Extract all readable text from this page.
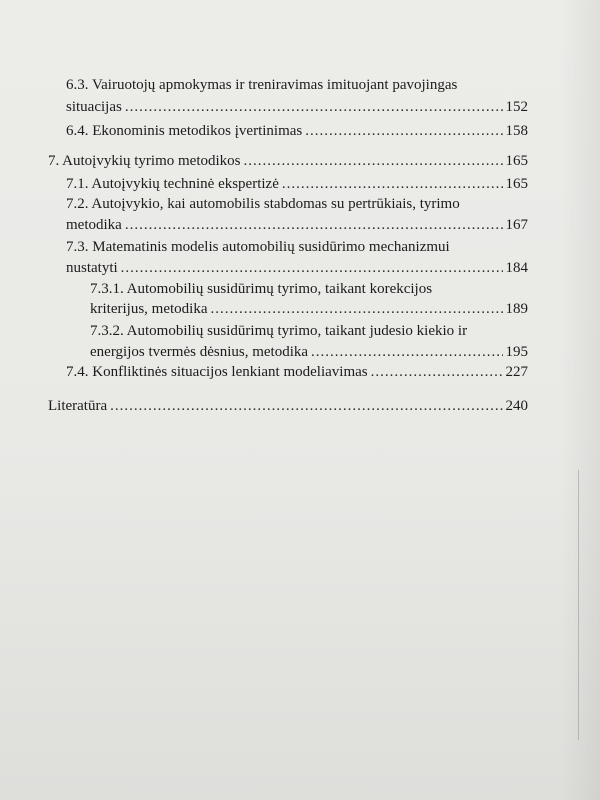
6.3. Vairuotojų apmokymas ir treniravimas imituojant pavojingas
situacijas .....	152
6.4. Ekonominis metodikos įvertinimas .....	158
7. Autoįvykių tyrimo metodikos .....	165
7.1. Autoįvykių techninė ekspertizė .....	165
7.2. Autoįvykio, kai automobilis stabdomas su pertrūkiais, tyrimo
metodika .....	167
7.3. Matematinis modelis automobilių susidūrimo mechanizmui
nustatyti .....	184
7.3.1. Automobilių susidūrimų tyrimo, taikant korekcijos
kriterijus, metodika .....	189
7.3.2. Automobilių susidūrimų tyrimo, taikant judesio kiekio ir
energijos tvermės dėsnius, metodika .....	195
7.4. Konfliktinės situacijos lenkiant modeliavimas .....	227
Literatūra .....	240
